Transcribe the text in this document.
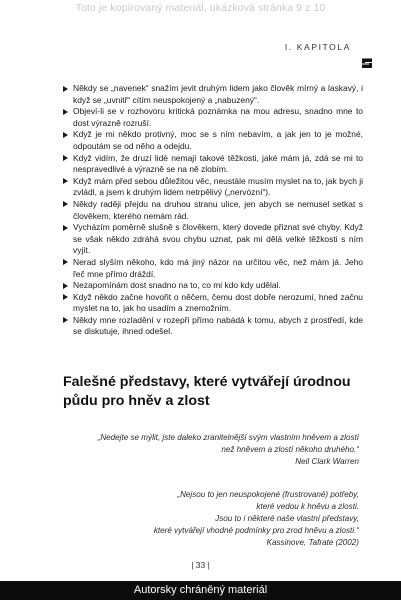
Toto je kopírovaný materiál, ukázková stránka 9 z 10
I. KAPITOLA
Někdy se „navenek“ snažím jevit druhým lidem jako člověk mírný a laskavý, i když se „uvnitř“ cítím neuspokojený a „nabuzený“.
Objeví-li se v rozhovoru kritická poznámka na mou adresu, snadno mne to dost výrazně rozruší.
Když je mi někdo protivný, moc se s ním nebavím, a jak jen to je možné, odpoutám se od něho a odejdu.
Když vidím, že druzí lidé nemají takové těžkosti, jaké mám já, zdá se mi to nespravedlivé a výrazně se na ně zlobím.
Když mám před sebou důležitou věc, neustále musím myslet na to, jak bych ji zvládl, a jsem k druhým lidem netrpělivý („nervózní“).
Někdy raději přejdu na druhou stranu ulice, jen abych se nemusel setkat s člověkem, kterého nemám rád.
Vycházím poměrně slušně s člověkem, který dovede přiznat své chyby. Když se však někdo zdráhá svou chybu uznat, pak mi dělá velké těžkosti s ním vyjít.
Nerad slyším někoho, kdo má jiný názor na určitou věc, než mám já. Jeho řeč mne přímo dráždí.
Nezapomínám dost snadno na to, co mi kdo kdy udělal.
Když někdo začne hovořit o něčem, čemu dost dobře nerozumí, hned začnu myslet na to, jak ho usadím a znemožním.
Někdy mne rozladění v rozepři přímo nabádá k tomu, abych z prostředí, kde se diskutuje, ihned odešel.
Falešné představy, které vytvářejí úrodnou půdu pro hněv a zlost
„Nedejte se mýlit, jste daleko zranitelnější svým vlastním hněvem a zlostí
než hněvem a zlostí někoho druhého.“
Neil Clark Warren
„Nejsou to jen neuspokojené (frustrované) potřeby,
které vedou k hněvu a zlosti.
Jsou to i některé naše vlastní představy,
které vytvářejí vhodné podmínky pro zrod hněvu a zlosti.“
Kassinove, Tafrate (2002)
| 33 |
Autorsky chráněný materiál
